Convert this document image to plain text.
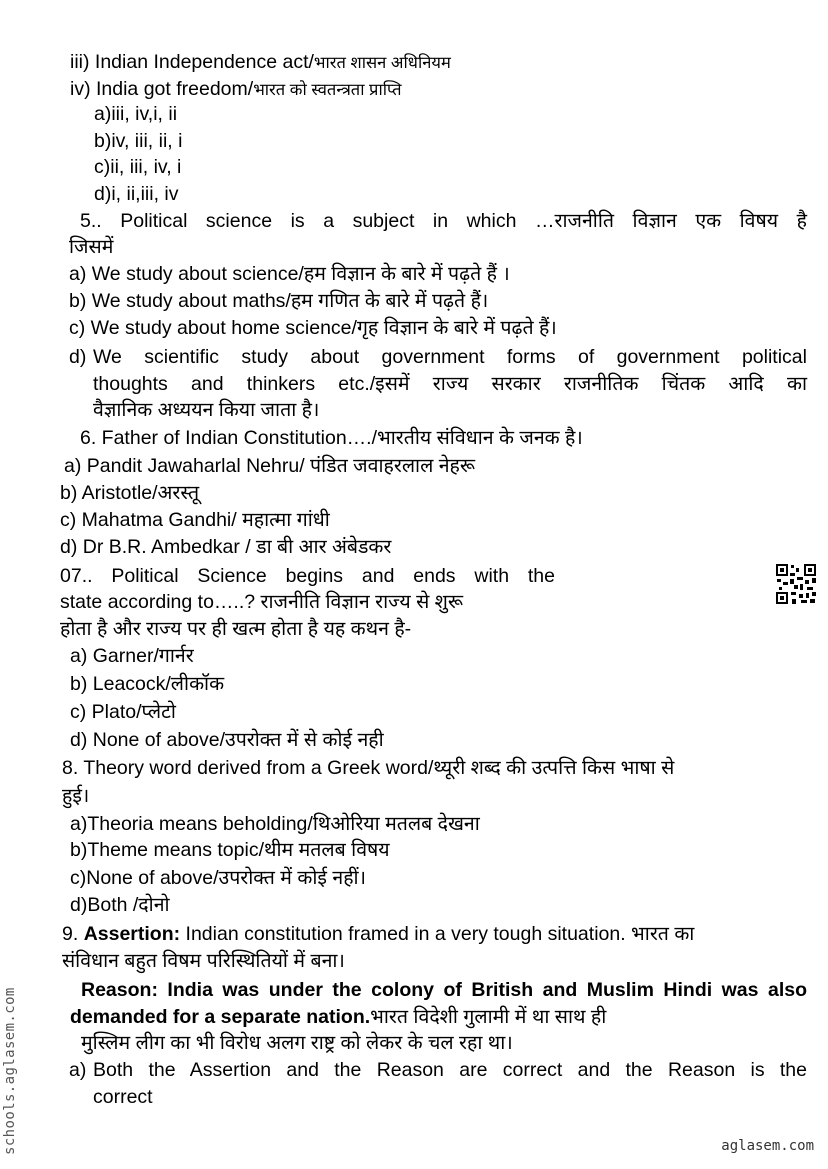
iii) Indian Independence act/भारत शासन अधिनियम
iv) India got freedom/भारत को स्वतन्त्रता प्राप्ति
a)iii, iv,i, ii
b)iv, iii, ii, i
c)ii, iii, iv, i
d)i, ii,iii, iv
5.. Political science is a subject in which …राजनीति विज्ञान एक विषय है
जिसमें
a) We study about science/हम विज्ञान के बारे में पढ़ते हैं ।
b) We study about maths/हम गणित के बारे में पढ़ते हैं।
c) We study about home science/गृह विज्ञान के बारे में पढ़ते हैं।
d) We scientific study about government forms of government political
thoughts and thinkers etc./इसमें राज्य सरकार राजनीतिक चिंतक आदि का
वैज्ञानिक अध्ययन किया जाता है।
6. Father of Indian Constitution…./भारतीय संविधान के जनक है।
a) Pandit Jawaharlal Nehru/ पंडित जवाहरलाल नेहरू
b) Aristotle/अरस्तू
c) Mahatma Gandhi/ महात्मा गांधी
d) Dr B.R. Ambedkar / डा बी आर अंबेडकर
07.. Political Science begins and ends with the
state according to…..? राजनीति विज्ञान राज्य से शुरू
होता है और राज्य पर ही खत्म होता है यह कथन है-
a) Garner/गार्नर
b) Leacock/लीकॉक
c) Plato/प्लेटो
d) None of above/उपरोक्त में से कोई नही
8. Theory word derived from a Greek word/थ्यूरी शब्द की उत्पत्ति किस भाषा से
हुई।
a)Theoria means beholding/थिओरिया मतलब देखना
b)Theme means topic/थीम मतलब विषय
c)None of above/उपरोक्त में कोई नहीं।
d)Both /दोनो
9. Assertion: Indian constitution framed in a very tough situation. भारत का
संविधान बहुत विषम परिस्थितियों में बना।
Reason: India was under the colony of British and Muslim Hindi was also demanded for a separate nation.भारत विदेशी गुलामी में था साथ ही
मुस्लिम लीग का भी विरोध अलग राष्ट्र को लेकर के चल रहा था।
a) Both the Assertion and the Reason are correct and the Reason is the
correct
schools.aglasem.com	aglasem.com
